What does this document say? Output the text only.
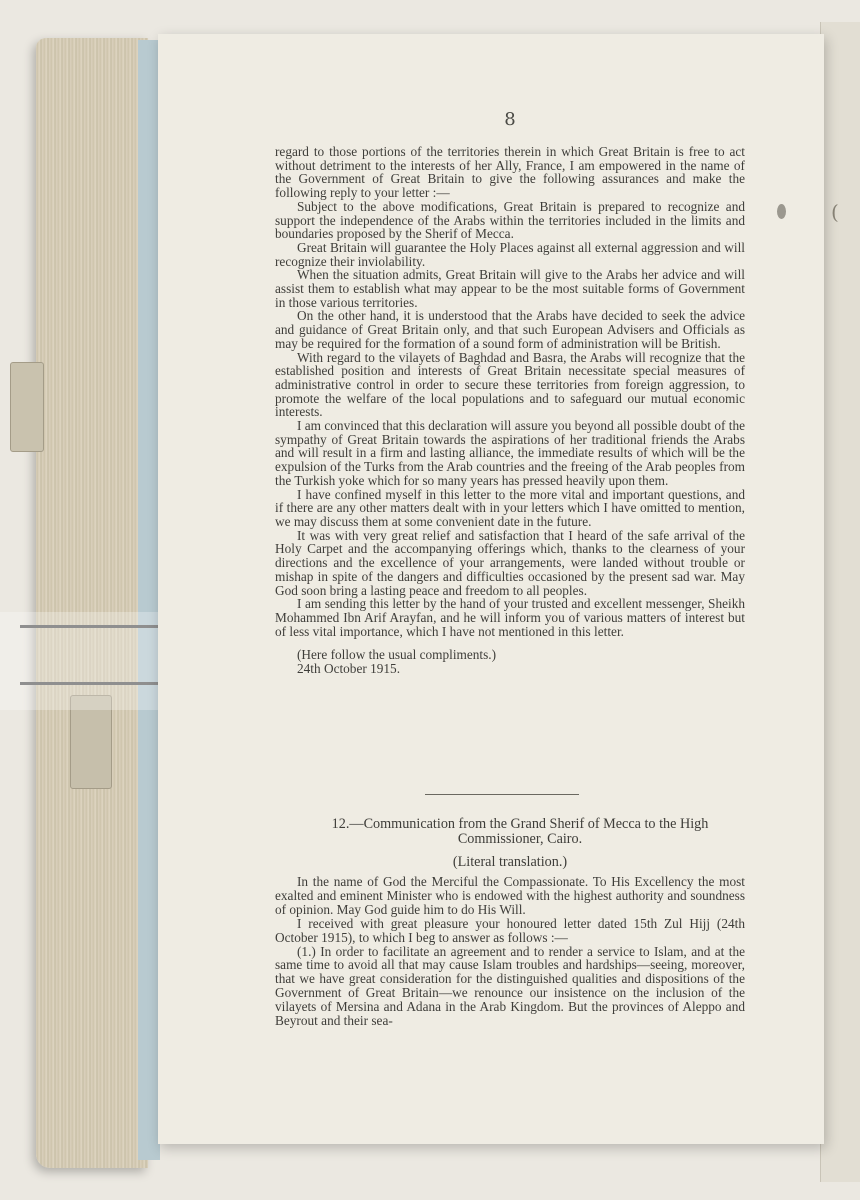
(
8

regard to those portions of the territories therein in which Great Britain is free to act without detriment to the interests of her Ally, France, I am empowered in the name of the Government of Great Britain to give the following assurances and make the following reply to your letter :—

Subject to the above modifications, Great Britain is prepared to recognize and support the independence of the Arabs within the territories included in the limits and boundaries proposed by the Sherif of Mecca.

Great Britain will guarantee the Holy Places against all external aggression and will recognize their inviolability.

When the situation admits, Great Britain will give to the Arabs her advice and will assist them to establish what may appear to be the most suitable forms of Government in those various territories.

On the other hand, it is understood that the Arabs have decided to seek the advice and guidance of Great Britain only, and that such European Advisers and Officials as may be required for the formation of a sound form of administration will be British.

With regard to the vilayets of Baghdad and Basra, the Arabs will recognize that the established position and interests of Great Britain necessitate special measures of administrative control in order to secure these territories from foreign aggression, to promote the welfare of the local populations and to safeguard our mutual economic interests.

I am convinced that this declaration will assure you beyond all possible doubt of the sympathy of Great Britain towards the aspirations of her traditional friends the Arabs and will result in a firm and lasting alliance, the immediate results of which will be the expulsion of the Turks from the Arab countries and the freeing of the Arab peoples from the Turkish yoke which for so many years has pressed heavily upon them.

I have confined myself in this letter to the more vital and important questions, and if there are any other matters dealt with in your letters which I have omitted to mention, we may discuss them at some convenient date in the future.

It was with very great relief and satisfaction that I heard of the safe arrival of the Holy Carpet and the accompanying offerings which, thanks to the clearness of your directions and the excellence of your arrangements, were landed without trouble or mishap in spite of the dangers and difficulties occasioned by the present sad war. May God soon bring a lasting peace and freedom to all peoples.

I am sending this letter by the hand of your trusted and excellent messenger, Sheikh Mohammed Ibn Arif Arayfan, and he will inform you of various matters of interest but of less vital importance, which I have not mentioned in this letter.

(Here follow the usual compliments.)

24th October 1915.

12.—Communication from the Grand Sherif of Mecca to the High
Commissioner, Cairo.
(Literal translation.)

In the name of God the Merciful the Compassionate. To His Excellency the most exalted and eminent Minister who is endowed with the highest authority and soundness of opinion. May God guide him to do His Will.

I received with great pleasure your honoured letter dated 15th Zul Hijj (24th October 1915), to which I beg to answer as follows :—

(1.) In order to facilitate an agreement and to render a service to Islam, and at the same time to avoid all that may cause Islam troubles and hardships—seeing, moreover, that we have great consideration for the distinguished qualities and dispositions of the Government of Great Britain—we renounce our insistence on the inclusion of the vilayets of Mersina and Adana in the Arab Kingdom. But the provinces of Aleppo and Beyrout and their sea-
